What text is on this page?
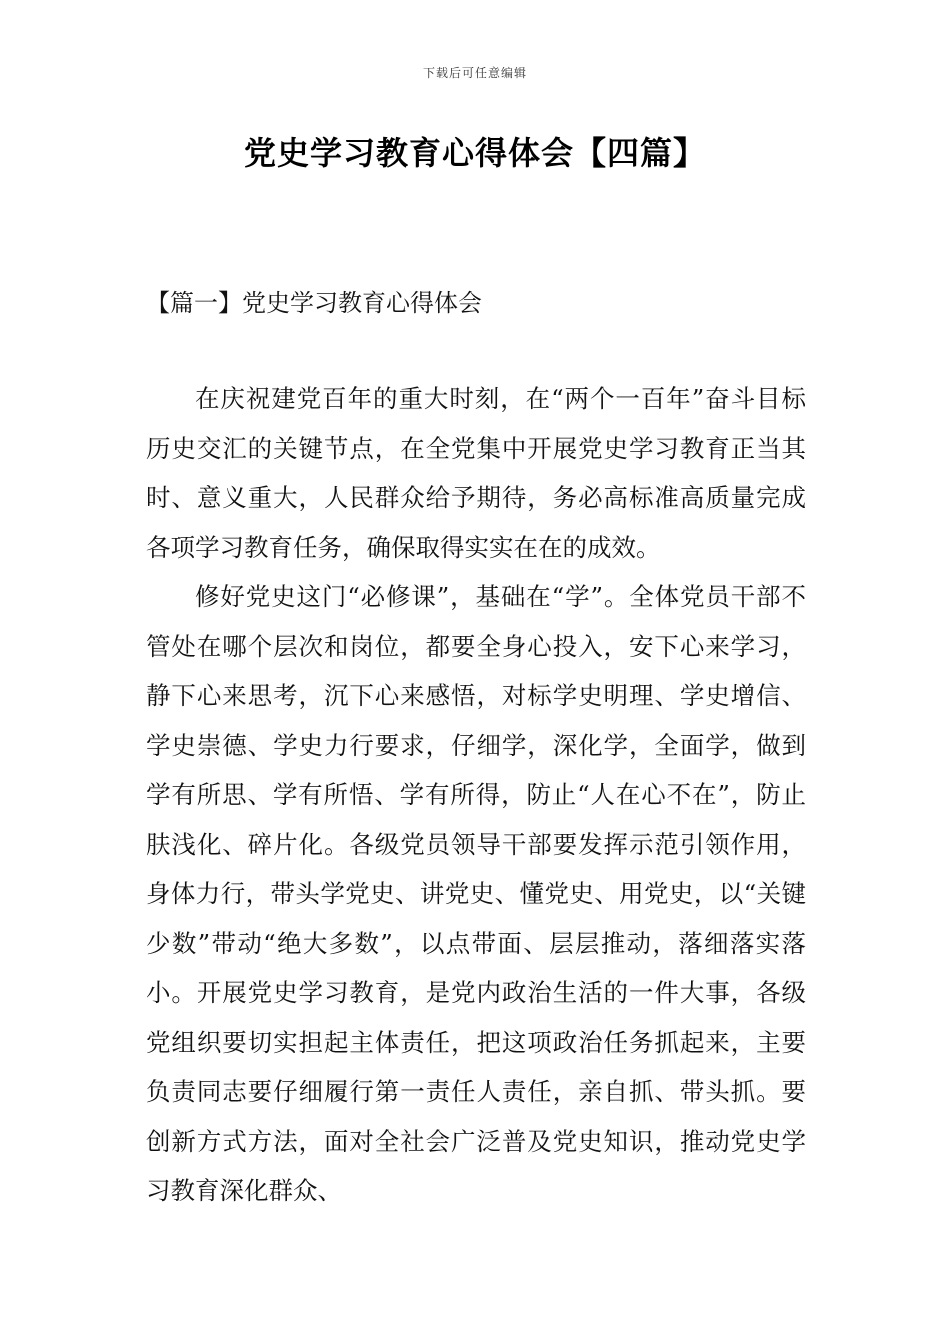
下载后可任意编辑
党史学习教育心得体会【四篇】
【篇一】党史学习教育心得体会

在庆祝建党百年的重大时刻，在“两个一百年”奋斗目标历史交汇的关键节点，在全党集中开展党史学习教育正当其时、意义重大，人民群众给予期待，务必高标准高质量完成各项学习教育任务，确保取得实实在在的成效。

修好党史这门“必修课”，基础在“学”。全体党员干部不管处在哪个层次和岗位，都要全身心投入，安下心来学习，静下心来思考，沉下心来感悟，对标学史明理、学史增信、学史崇德、学史力行要求，仔细学，深化学，全面学，做到学有所思、学有所悟、学有所得，防止“人在心不在”，防止肤浅化、碎片化。各级党员领导干部要发挥示范引领作用，身体力行，带头学党史、讲党史、懂党史、用党史，以“关键少数”带动“绝大多数”，以点带面、层层推动，落细落实落小。开展党史学习教育，是党内政治生活的一件大事，各级党组织要切实担起主体责任，把这项政治任务抓起来，主要负责同志要仔细履行第一责任人责任，亲自抓、带头抓。要创新方式方法，面对全社会广泛普及党史知识，推动党史学习教育深化群众、
